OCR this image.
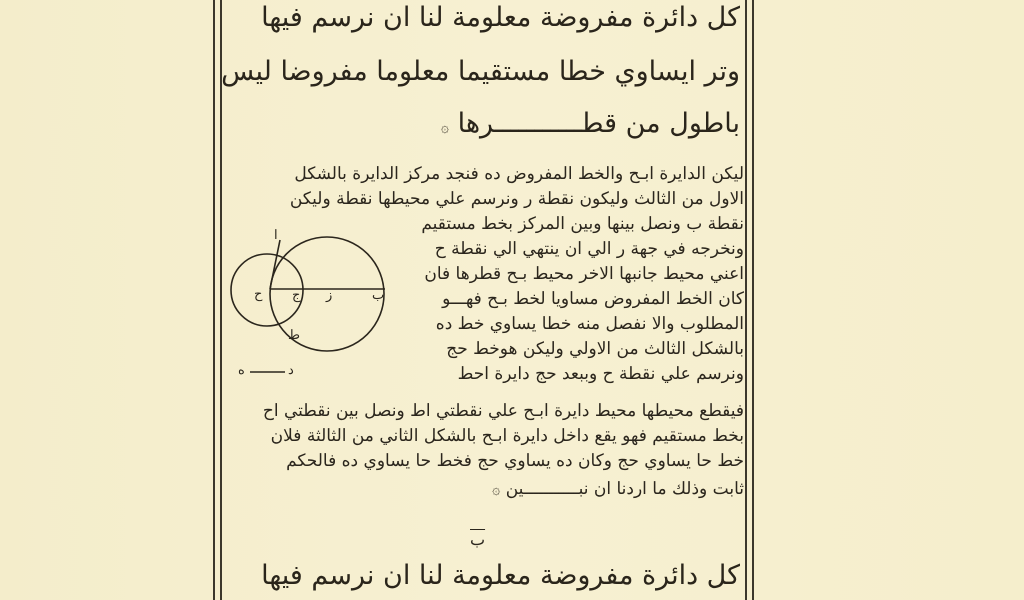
كل دائرة مفروضة معلومة لنا ان نرسم فيها
وتر ايساوي خطا مستقيما معلوما مفروضا ليس
باطول من قطـــــــــــرها ۞
ليكن الدايرة ابـح والخط المفروض ده فنجد مركز الدايرة بالشكل
الاول من الثالث وليكون نقطة ر ونرسم علي محيطها نقطة وليكن
نقطة ب ونصل بينها وبين المركز بخط مستقيم
ونخرجه في جهة ر الي ان ينتهي الي نقطة ح
اعني محيط جانبها الاخر محيط بـح قطرها فان
كان الخط المفروض مساويا لخط بـح فهـــو
المطلوب والا نفصل منه خطا يساوي خط ده
بالشكل الثالث من الاولي وليكن هوخط حج
ونرسم علي نقطة ح وببعد حج دايرة احط
فيقطع محيطها محيط دايرة ابـح علي نقطتي اط ونصل بين نقطتي اح
بخط مستقيم فهو يقع داخل دايرة ابـح بالشكل الثاني من الثالثة فلان
خط حا يساوي حج وكان ده يساوي حج فخط حا يساوي ده فالحكم
ثابت وذلك ما اردنا ان نبـــــــــــين ۞
ا
ح ج ز	ب
ط
ه	د
ب
كل دائرة مفروضة معلومة لنا ان نرسم فيها
